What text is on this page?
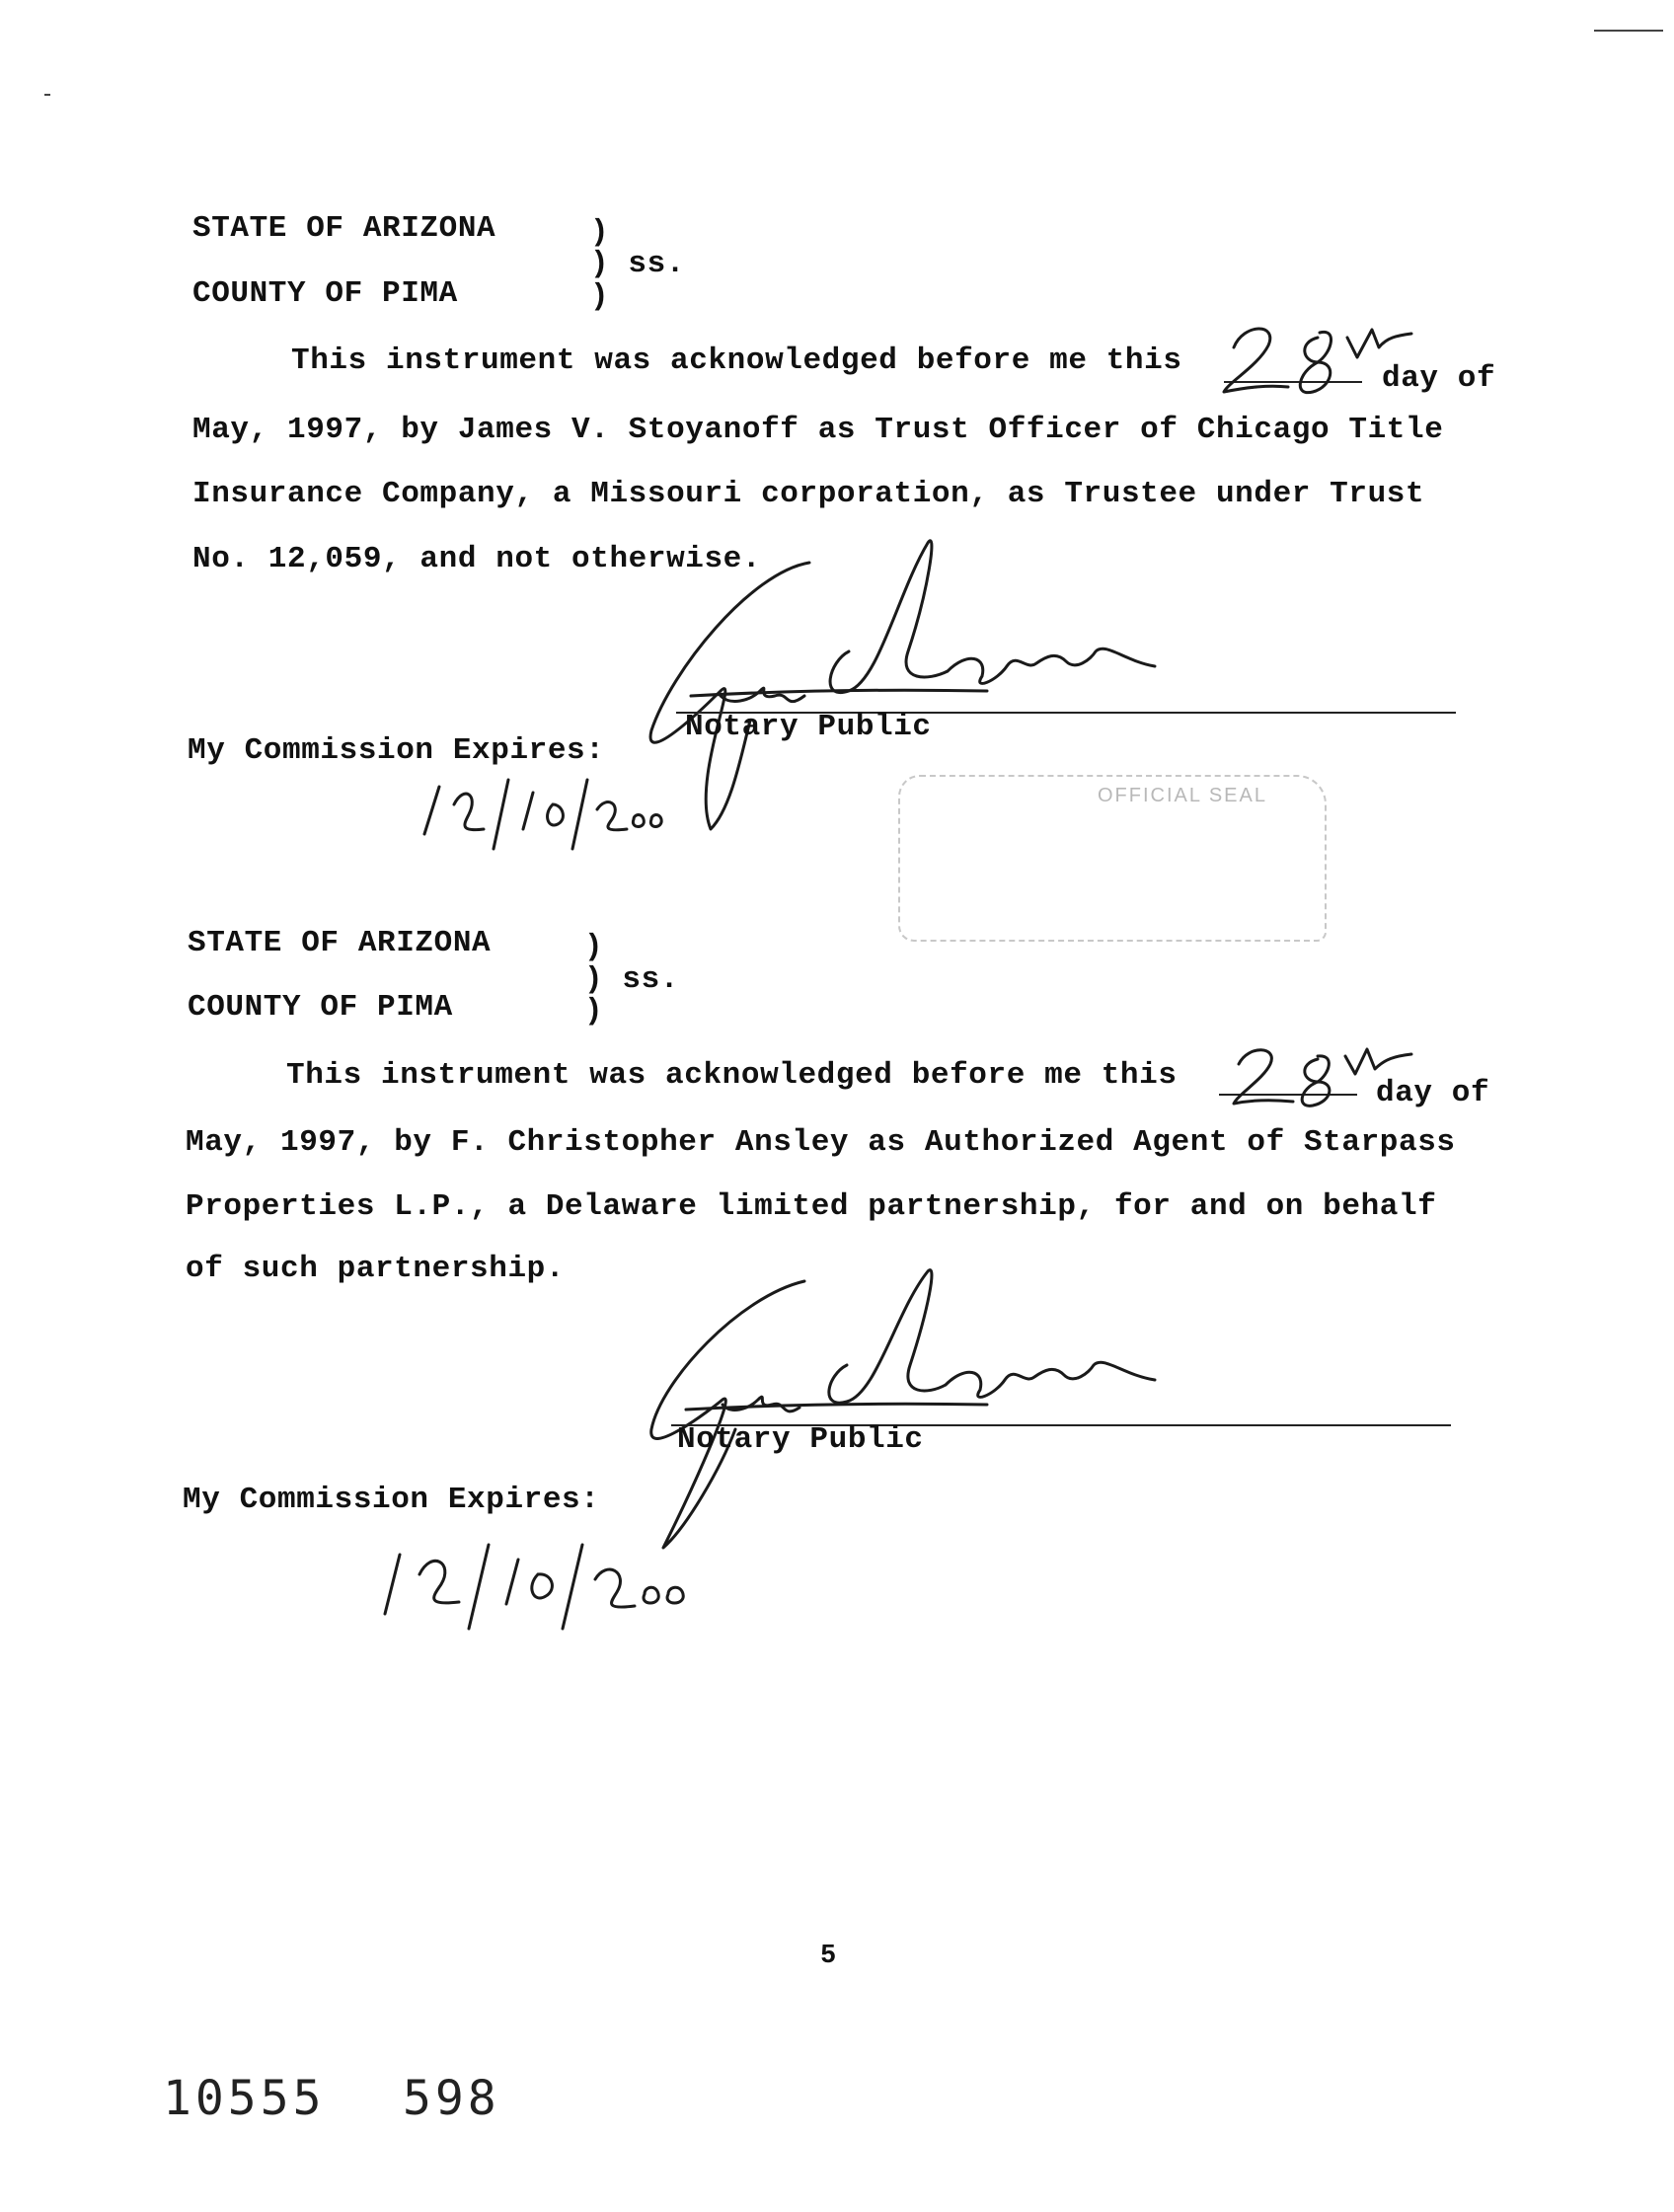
STATE OF ARIZONA	)
) ss.
COUNTY OF PIMA	)
This instrument was acknowledged before me this
day of
May, 1997, by James V. Stoyanoff as Trust Officer of Chicago Title
Insurance Company, a Missouri corporation, as Trustee under Trust
No. 12,059, and not otherwise.
Notary Public
My Commission Expires:
OFFICIAL SEAL
STATE OF ARIZONA	)
) ss.
COUNTY OF PIMA	)
This instrument was acknowledged before me this
day of
May, 1997, by F. Christopher Ansley as Authorized Agent of Starpass
Properties L.P., a Delaware limited partnership, for and on behalf
of such partnership.
Notary Public
My Commission Expires:
5
10555 598
